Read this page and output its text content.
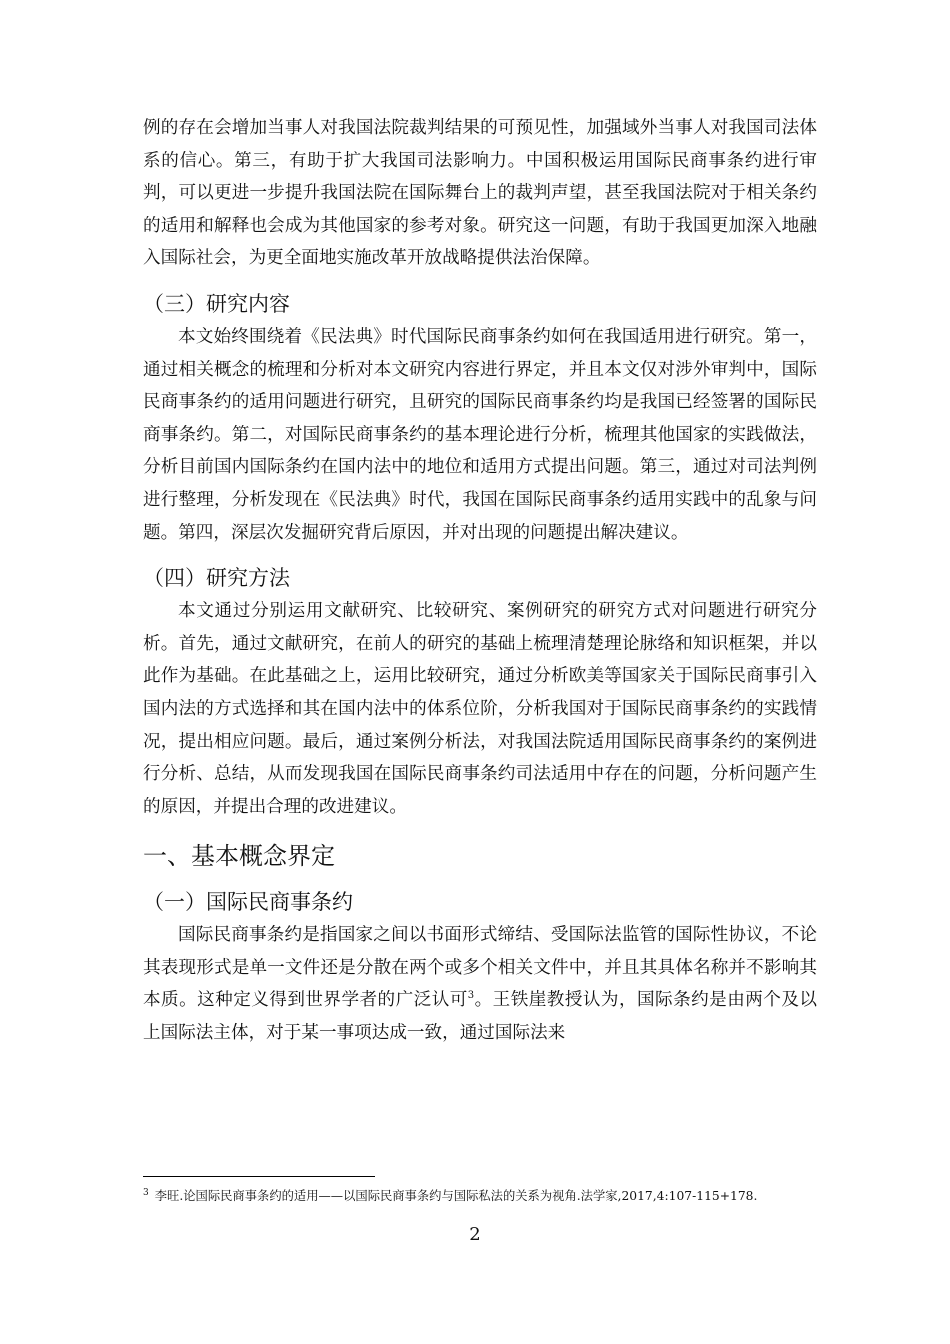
例的存在会增加当事人对我国法院裁判结果的可预见性，加强域外当事人对我国司法体系的信心。第三，有助于扩大我国司法影响力。中国积极运用国际民商事条约进行审判，可以更进一步提升我国法院在国际舞台上的裁判声望，甚至我国法院对于相关条约的适用和解释也会成为其他国家的参考对象。研究这一问题，有助于我国更加深入地融入国际社会，为更全面地实施改革开放战略提供法治保障。

（三）研究内容

本文始终围绕着《民法典》时代国际民商事条约如何在我国适用进行研究。第一，通过相关概念的梳理和分析对本文研究内容进行界定，并且本文仅对涉外审判中，国际民商事条约的适用问题进行研究，且研究的国际民商事条约均是我国已经签署的国际民商事条约。第二，对国际民商事条约的基本理论进行分析，梳理其他国家的实践做法，分析目前国内国际条约在国内法中的地位和适用方式提出问题。第三，通过对司法判例进行整理，分析发现在《民法典》时代，我国在国际民商事条约适用实践中的乱象与问题。第四，深层次发掘研究背后原因，并对出现的问题提出解决建议。

（四）研究方法

本文通过分别运用文献研究、比较研究、案例研究的研究方式对问题进行研究分析。首先，通过文献研究，在前人的研究的基础上梳理清楚理论脉络和知识框架，并以此作为基础。在此基础之上，运用比较研究，通过分析欧美等国家关于国际民商事引入国内法的方式选择和其在国内法中的体系位阶，分析我国对于国际民商事条约的实践情况，提出相应问题。最后，通过案例分析法，对我国法院适用国际民商事条约的案例进行分析、总结，从而发现我国在国际民商事条约司法适用中存在的问题，分析问题产生的原因，并提出合理的改进建议。

一、基本概念界定
（一）国际民商事条约

国际民商事条约是指国家之间以书面形式缔结、受国际法监管的国际性协议，不论其表现形式是单一文件还是分散在两个或多个相关文件中，并且其具体名称并不影响其本质。这种定义得到世界学者的广泛认可$^3$。王铁崖教授认为，国际条约是由两个及以上国际法主体，对于某一事项达成一致，通过国际法来

$^3$ 李旺.论国际民商事条约的适用——以国际民商事条约与国际私法的关系为视角.法学家,2017,4:107-115+178.
2
